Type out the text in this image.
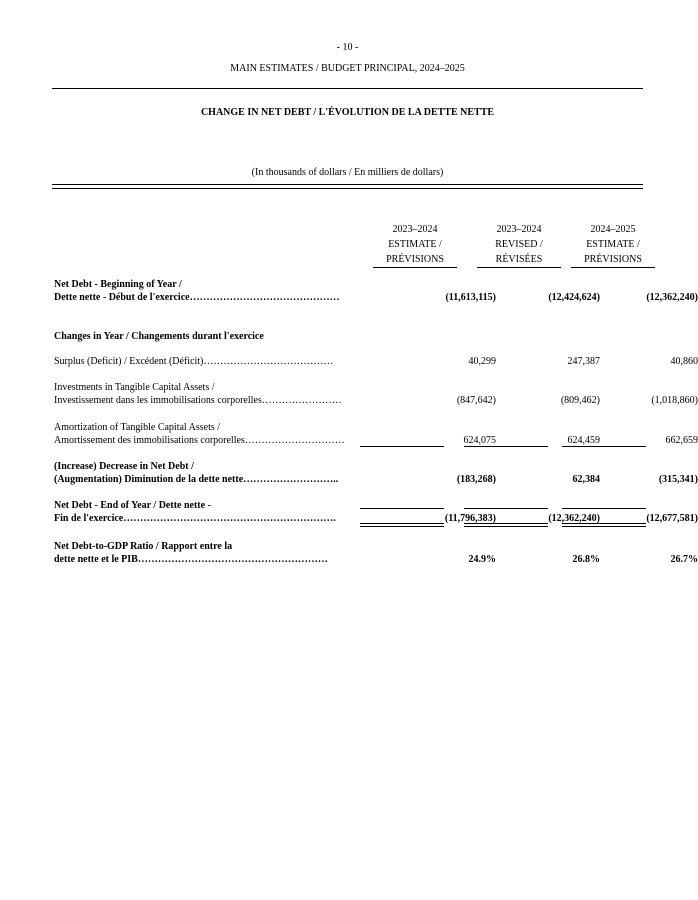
- 10 -
MAIN ESTIMATES / BUDGET PRINCIPAL, 2024–2025
CHANGE IN NET DEBT / L'ÉVOLUTION DE LA DETTE NETTE
(In thousands of dollars / En milliers de dollars)
2023–2024
ESTIMATE /
PRÉVISIONS
2023–2024
REVISED /
RÉVISÉES
2024–2025
ESTIMATE /
PRÉVISIONS
Net Debt - Beginning of Year /
Dette nette - Début de l'exercice………………………………………	(11,613,115)	(12,424,624)	(12,362,240)
Changes in Year / Changements durant l'exercice
Surplus (Deficit) / Excédent (Déficit)…………………………………	40,299	247,387	40,860
Investments in Tangible Capital Assets /
Investissement dans les immobilisations corporelles……………………	(847,642)	(809,462)	(1,018,860)
Amortization of Tangible Capital Assets /
Amortissement des immobilisations corporelles…………………………	624,075	624,459	662,659
(Increase) Decrease in Net Debt /
(Augmentation) Diminution de la dette nette………………………..	(183,268)	62,384	(315,341)
Net Debt - End of Year / Dette nette -
Fin de l'exercice……………………………………………………….	(11,796,383)	(12,362,240)	(12,677,581)
Net Debt-to-GDP Ratio / Rapport entre la
dette nette et le PIB…………………………………………………	24.9%	26.8%	26.7%
